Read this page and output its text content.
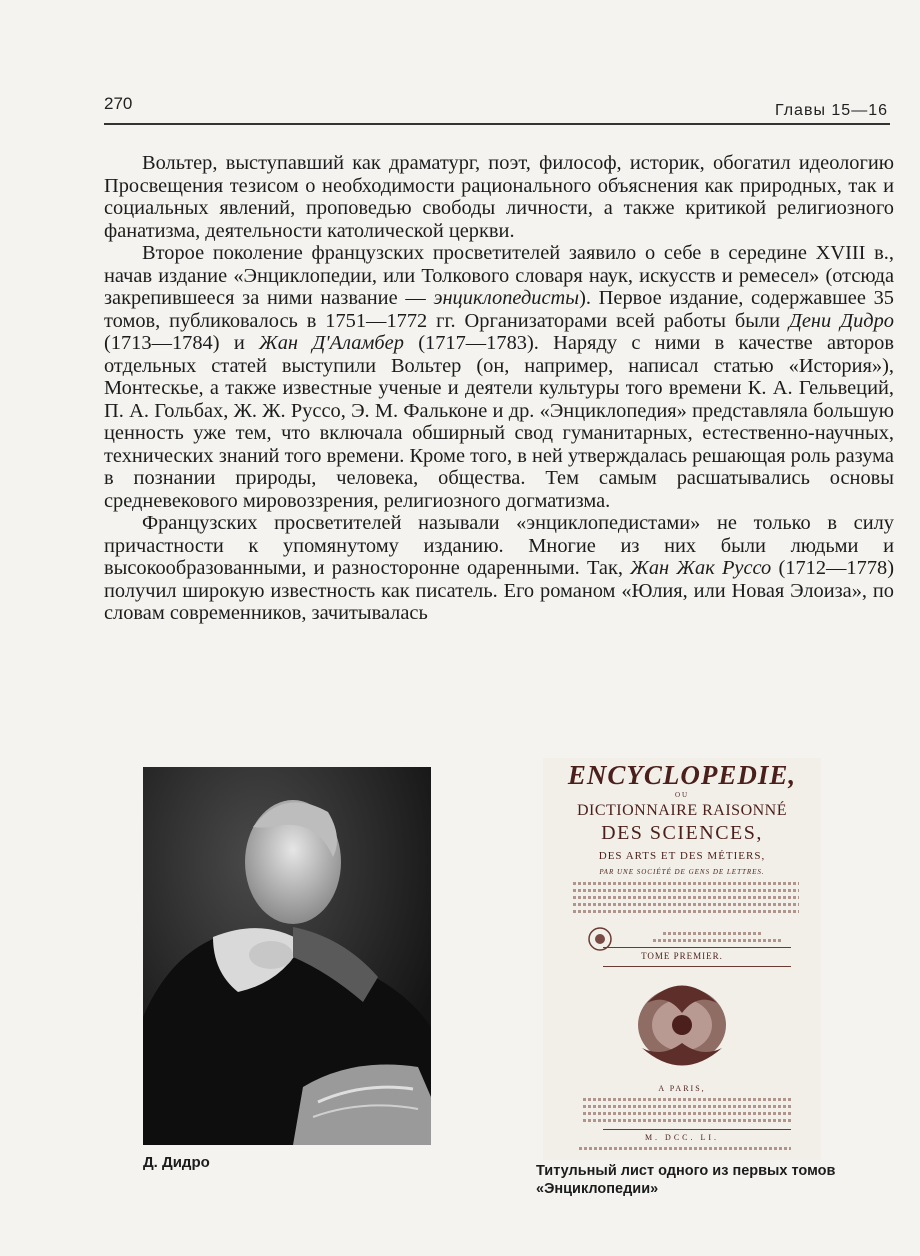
270	Главы 15—16

Вольтер, выступавший как драматург, поэт, философ, историк, обогатил идеологию Просвещения тезисом о необходимости рационального объяснения как природных, так и социальных явлений, проповедью свободы личности, а также критикой религиозного фанатизма, деятельности католической церкви.

Второе поколение французских просветителей заявило о себе в середине XVIII в., начав издание «Энциклопедии, или Толкового словаря наук, искусств и ремесел» (отсюда закрепившееся за ними название — энциклопедисты). Первое издание, содержавшее 35 томов, публиковалось в 1751—1772 гг. Организаторами всей работы были Дени Дидро (1713—1784) и Жан Д'Аламбер (1717—1783). Наряду с ними в качестве авторов отдельных статей выступили Вольтер (он, например, написал статью «История»), Монтескье, а также известные ученые и деятели культуры того времени К. А. Гельвеций, П. А. Гольбах, Ж. Ж. Руссо, Э. М. Фальконе и др. «Энциклопедия» представляла большую ценность уже тем, что включала обширный свод гуманитарных, естественно-научных, технических знаний того времени. Кроме того, в ней утверждалась решающая роль разума в познании природы, человека, общества. Тем самым расшатывались основы средневекового мировоззрения, религиозного догматизма.

Французских просветителей называли «энциклопедистами» не только в силу причастности к упомянутому изданию. Многие из них были людьми и высокообразованными, и разносторонне одаренными. Так, Жан Жак Руссо (1712—1778) получил широкую известность как писатель. Его романом «Юлия, или Новая Элоиза», по словам современников, зачитывалась

Д. Дидро
ENCYCLOPEDIE,
OU
DICTIONNAIRE RAISONNÉ
DES SCIENCES,
DES ARTS ET DES MÉTIERS,
PAR UNE SOCIÉTÉ DE GENS DE LETTRES.
TOME PREMIER.
A PARIS,
M. DCC. LI.
Титульный лист одного из первых томов «Энциклопедии»
